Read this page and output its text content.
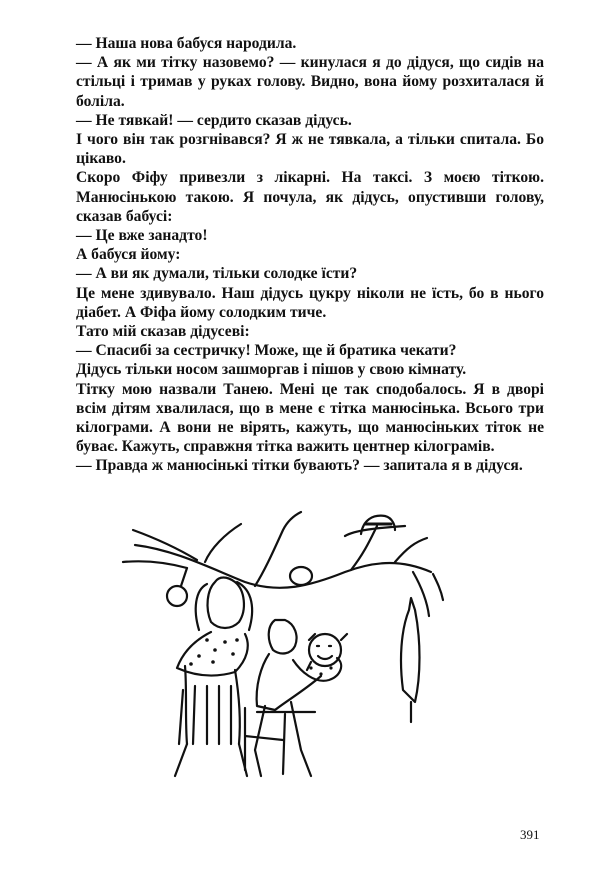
— Наша нова бабуся народила.

— А як ми тітку назовемо? — кинулася я до дідуся, що сидів на стільці і тримав у руках голову. Видно, вона йому розхиталася й боліла.

— Не тявкай! — сердито сказав дідусь.

І чого він так розгнівався? Я ж не тявкала, а тільки спитала. Бо цікаво.

Скоро Фіфу привезли з лікарні. На таксі. З моєю тіткою. Манюсінькою такою. Я почула, як дідусь, опустивши голову, сказав бабусі:

— Це вже занадто!

А бабуся йому:

— А ви як думали, тільки солодке їсти?

Це мене здивувало. Наш дідусь цукру ніколи не їсть, бо в нього діабет. А Фіфа йому солодким тиче.

Тато мій сказав дідусеві:

— Спасибі за сестричку! Може, ще й братика чекати?

Дідусь тільки носом зашморгав і пішов у свою кімнату.

Тітку мою назвали Танею. Мені це так сподобалось. Я в дворі всім дітям хвалилася, що в мене є тітка манюсінька. Всього три кілограми. А вони не вірять, кажуть, що манюсіньких тіток не буває. Кажуть, справжня тітка важить центнер кілограмів.

— Правда ж манюсінькі тітки бувають? — запитала я в дідуся.

391
